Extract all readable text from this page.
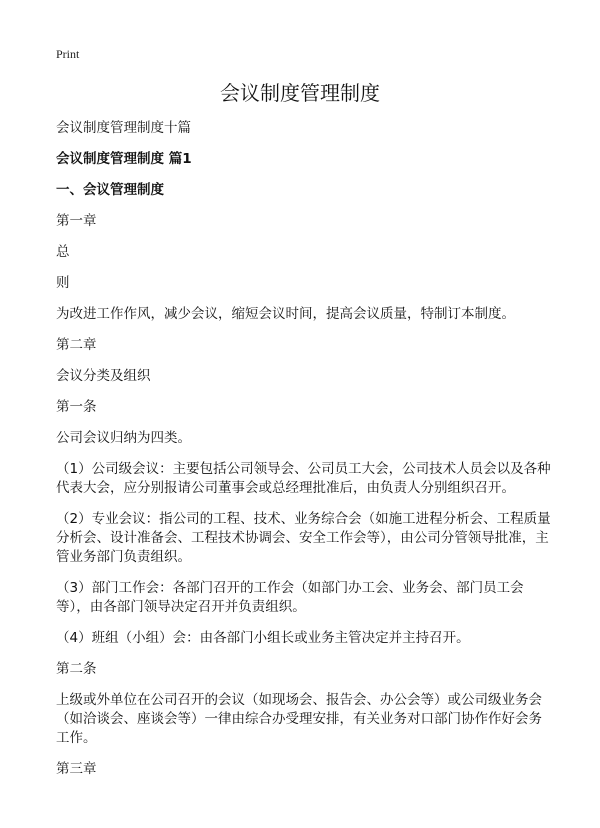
Print
会议制度管理制度

会议制度管理制度十篇

会议制度管理制度 篇1

一、会议管理制度

第一章

总

则

为改进工作作风，减少会议，缩短会议时间，提高会议质量，特制订本制度。

第二章

会议分类及组织

第一条

公司会议归纳为四类。

（1）公司级会议：主要包括公司领导会、公司员工大会，公司技术人员会以及各种代表大会，应分别报请公司董事会或总经理批准后，由负责人分别组织召开。

（2）专业会议：指公司的工程、技术、业务综合会（如施工进程分析会、工程质量分析会、设计准备会、工程技术协调会、安全工作会等），由公司分管领导批准，主管业务部门负责组织。

（3）部门工作会：各部门召开的工作会（如部门办工会、业务会、部门员工会等），由各部门领导决定召开并负责组织。

（4）班组（小组）会：由各部门小组长或业务主管决定并主持召开。

第二条

上级或外单位在公司召开的会议（如现场会、报告会、办公会等）或公司级业务会（如洽谈会、座谈会等）一律由综合办受理安排，有关业务对口部门协作作好会务工作。

第三章
